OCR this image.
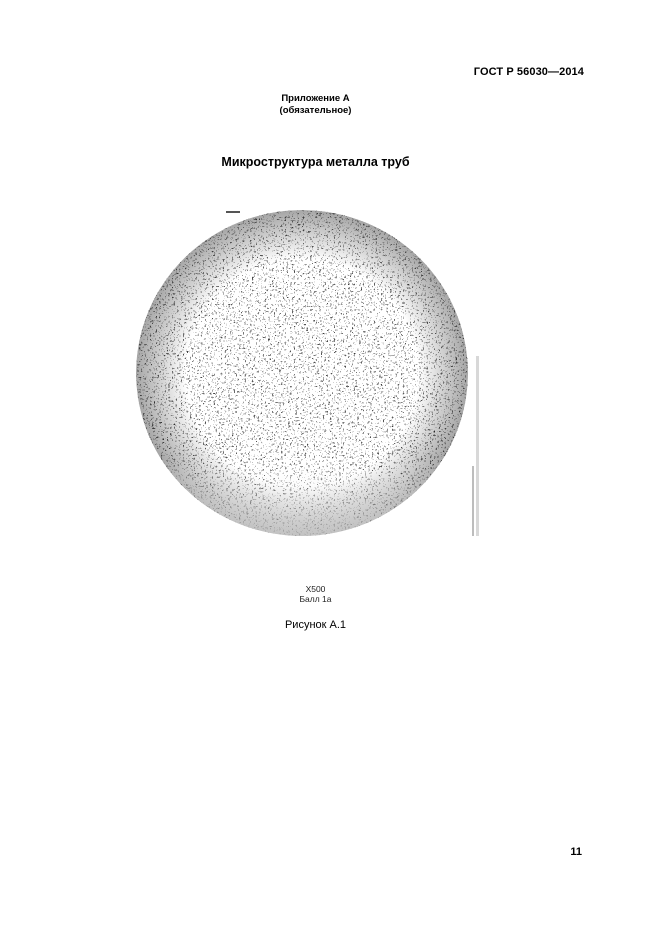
ГОСТ Р 56030—2014
Приложение А
(обязательное)
Микроструктура металла труб
Х500
Балл 1а
Рисунок А.1
11
